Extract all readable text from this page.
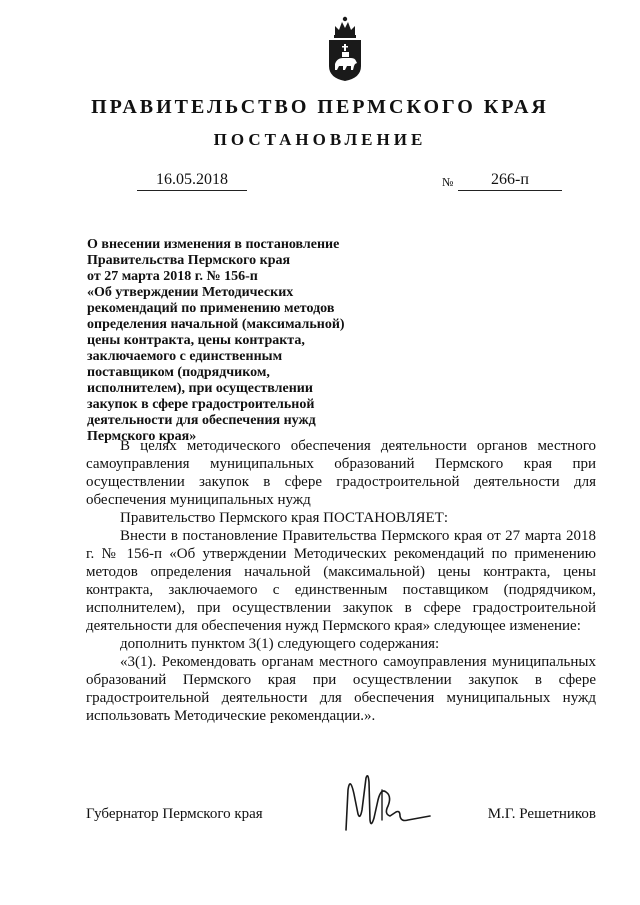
ПРАВИТЕЛЬСТВО ПЕРМСКОГО КРАЯ
ПОСТАНОВЛЕНИЕ
16.05.2018	№	266-п
О внесении изменения в постановление
Правительства Пермского края
от 27 марта 2018 г. № 156-п
«Об утверждении Методических
рекомендаций по применению методов
определения начальной (максимальной)
цены контракта, цены контракта,
заключаемого с единственным
поставщиком (подрядчиком,
исполнителем), при осуществлении
закупок в сфере градостроительной
деятельности для обеспечения нужд
Пермского края»

В целях методического обеспечения деятельности органов местного самоуправления муниципальных образований Пермского края при осуществлении закупок в сфере градостроительной деятельности для обеспечения муниципальных нужд

Правительство Пермского края ПОСТАНОВЛЯЕТ:

Внести в постановление Правительства Пермского края от 27 марта 2018 г. № 156-п «Об утверждении Методических рекомендаций по применению методов определения начальной (максимальной) цены контракта, цены контракта, заключаемого с единственным поставщиком (подрядчиком, исполнителем), при осуществлении закупок в сфере градостроительной деятельности для обеспечения нужд Пермского края» следующее изменение:

дополнить пунктом 3(1) следующего содержания:

«3(1). Рекомендовать органам местного самоуправления муниципальных образований Пермского края при осуществлении закупок в сфере градостроительной деятельности для обеспечения муниципальных нужд использовать Методические рекомендации.».

Губернатор Пермского края	М.Г. Решетников
